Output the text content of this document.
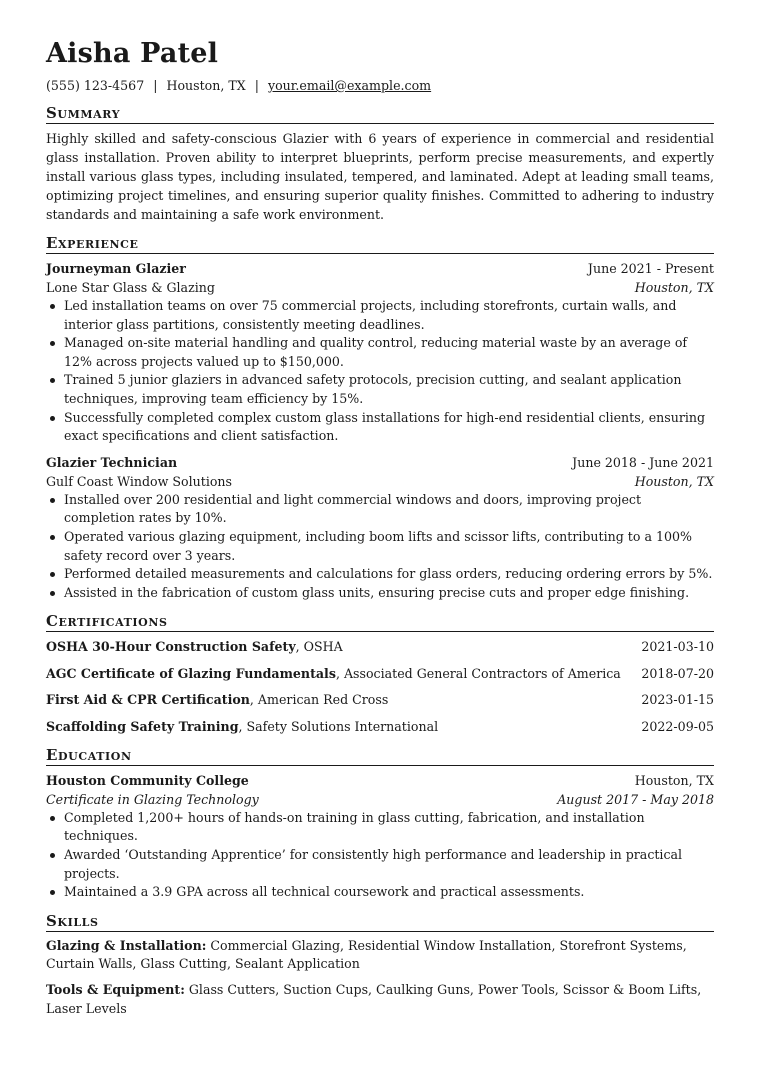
Aisha Patel
(555) 123-4567 | Houston, TX | your.email@example.com
Summary

Highly skilled and safety-conscious Glazier with 6 years of experience in commercial and residential glass installation. Proven ability to interpret blueprints, perform precise measurements, and expertly install various glass types, including insulated, tempered, and laminated. Adept at leading small teams, optimizing project timelines, and ensuring superior quality finishes. Committed to adhering to industry standards and maintaining a safe work environment.

Experience
Journeyman Glazier	June 2021 - Present
Lone Star Glass & Glazing	Houston, TX
Led installation teams on over 75 commercial projects, including storefronts, curtain walls, and interior glass partitions, consistently meeting deadlines.
Managed on-site material handling and quality control, reducing material waste by an average of 12% across projects valued up to $150,000.
Trained 5 junior glaziers in advanced safety protocols, precision cutting, and sealant application techniques, improving team efficiency by 15%.
Successfully completed complex custom glass installations for high-end residential clients, ensuring exact specifications and client satisfaction.
Glazier Technician	June 2018 - June 2021
Gulf Coast Window Solutions	Houston, TX
Installed over 200 residential and light commercial windows and doors, improving project completion rates by 10%.
Operated various glazing equipment, including boom lifts and scissor lifts, contributing to a 100% safety record over 3 years.
Performed detailed measurements and calculations for glass orders, reducing ordering errors by 5%.
Assisted in the fabrication of custom glass units, ensuring precise cuts and proper edge finishing.
Certifications
OSHA 30-Hour Construction Safety, OSHA	2021-03-10
AGC Certificate of Glazing Fundamentals, Associated General Contractors of America 2018-07-20
First Aid & CPR Certification, American Red Cross	2023-01-15
Scaffolding Safety Training, Safety Solutions International	2022-09-05
Education
Houston Community College	Houston, TX
Certificate in Glazing Technology	August 2017 - May 2018
Completed 1,200+ hours of hands-on training in glass cutting, fabrication, and installation techniques.
Awarded ‘Outstanding Apprentice’ for consistently high performance and leadership in practical projects.
Maintained a 3.9 GPA across all technical coursework and practical assessments.
Skills
Glazing & Installation: Commercial Glazing, Residential Window Installation, Storefront Systems, Curtain Walls, Glass Cutting, Sealant Application
Tools & Equipment: Glass Cutters, Suction Cups, Caulking Guns, Power Tools, Scissor & Boom Lifts, Laser Levels
